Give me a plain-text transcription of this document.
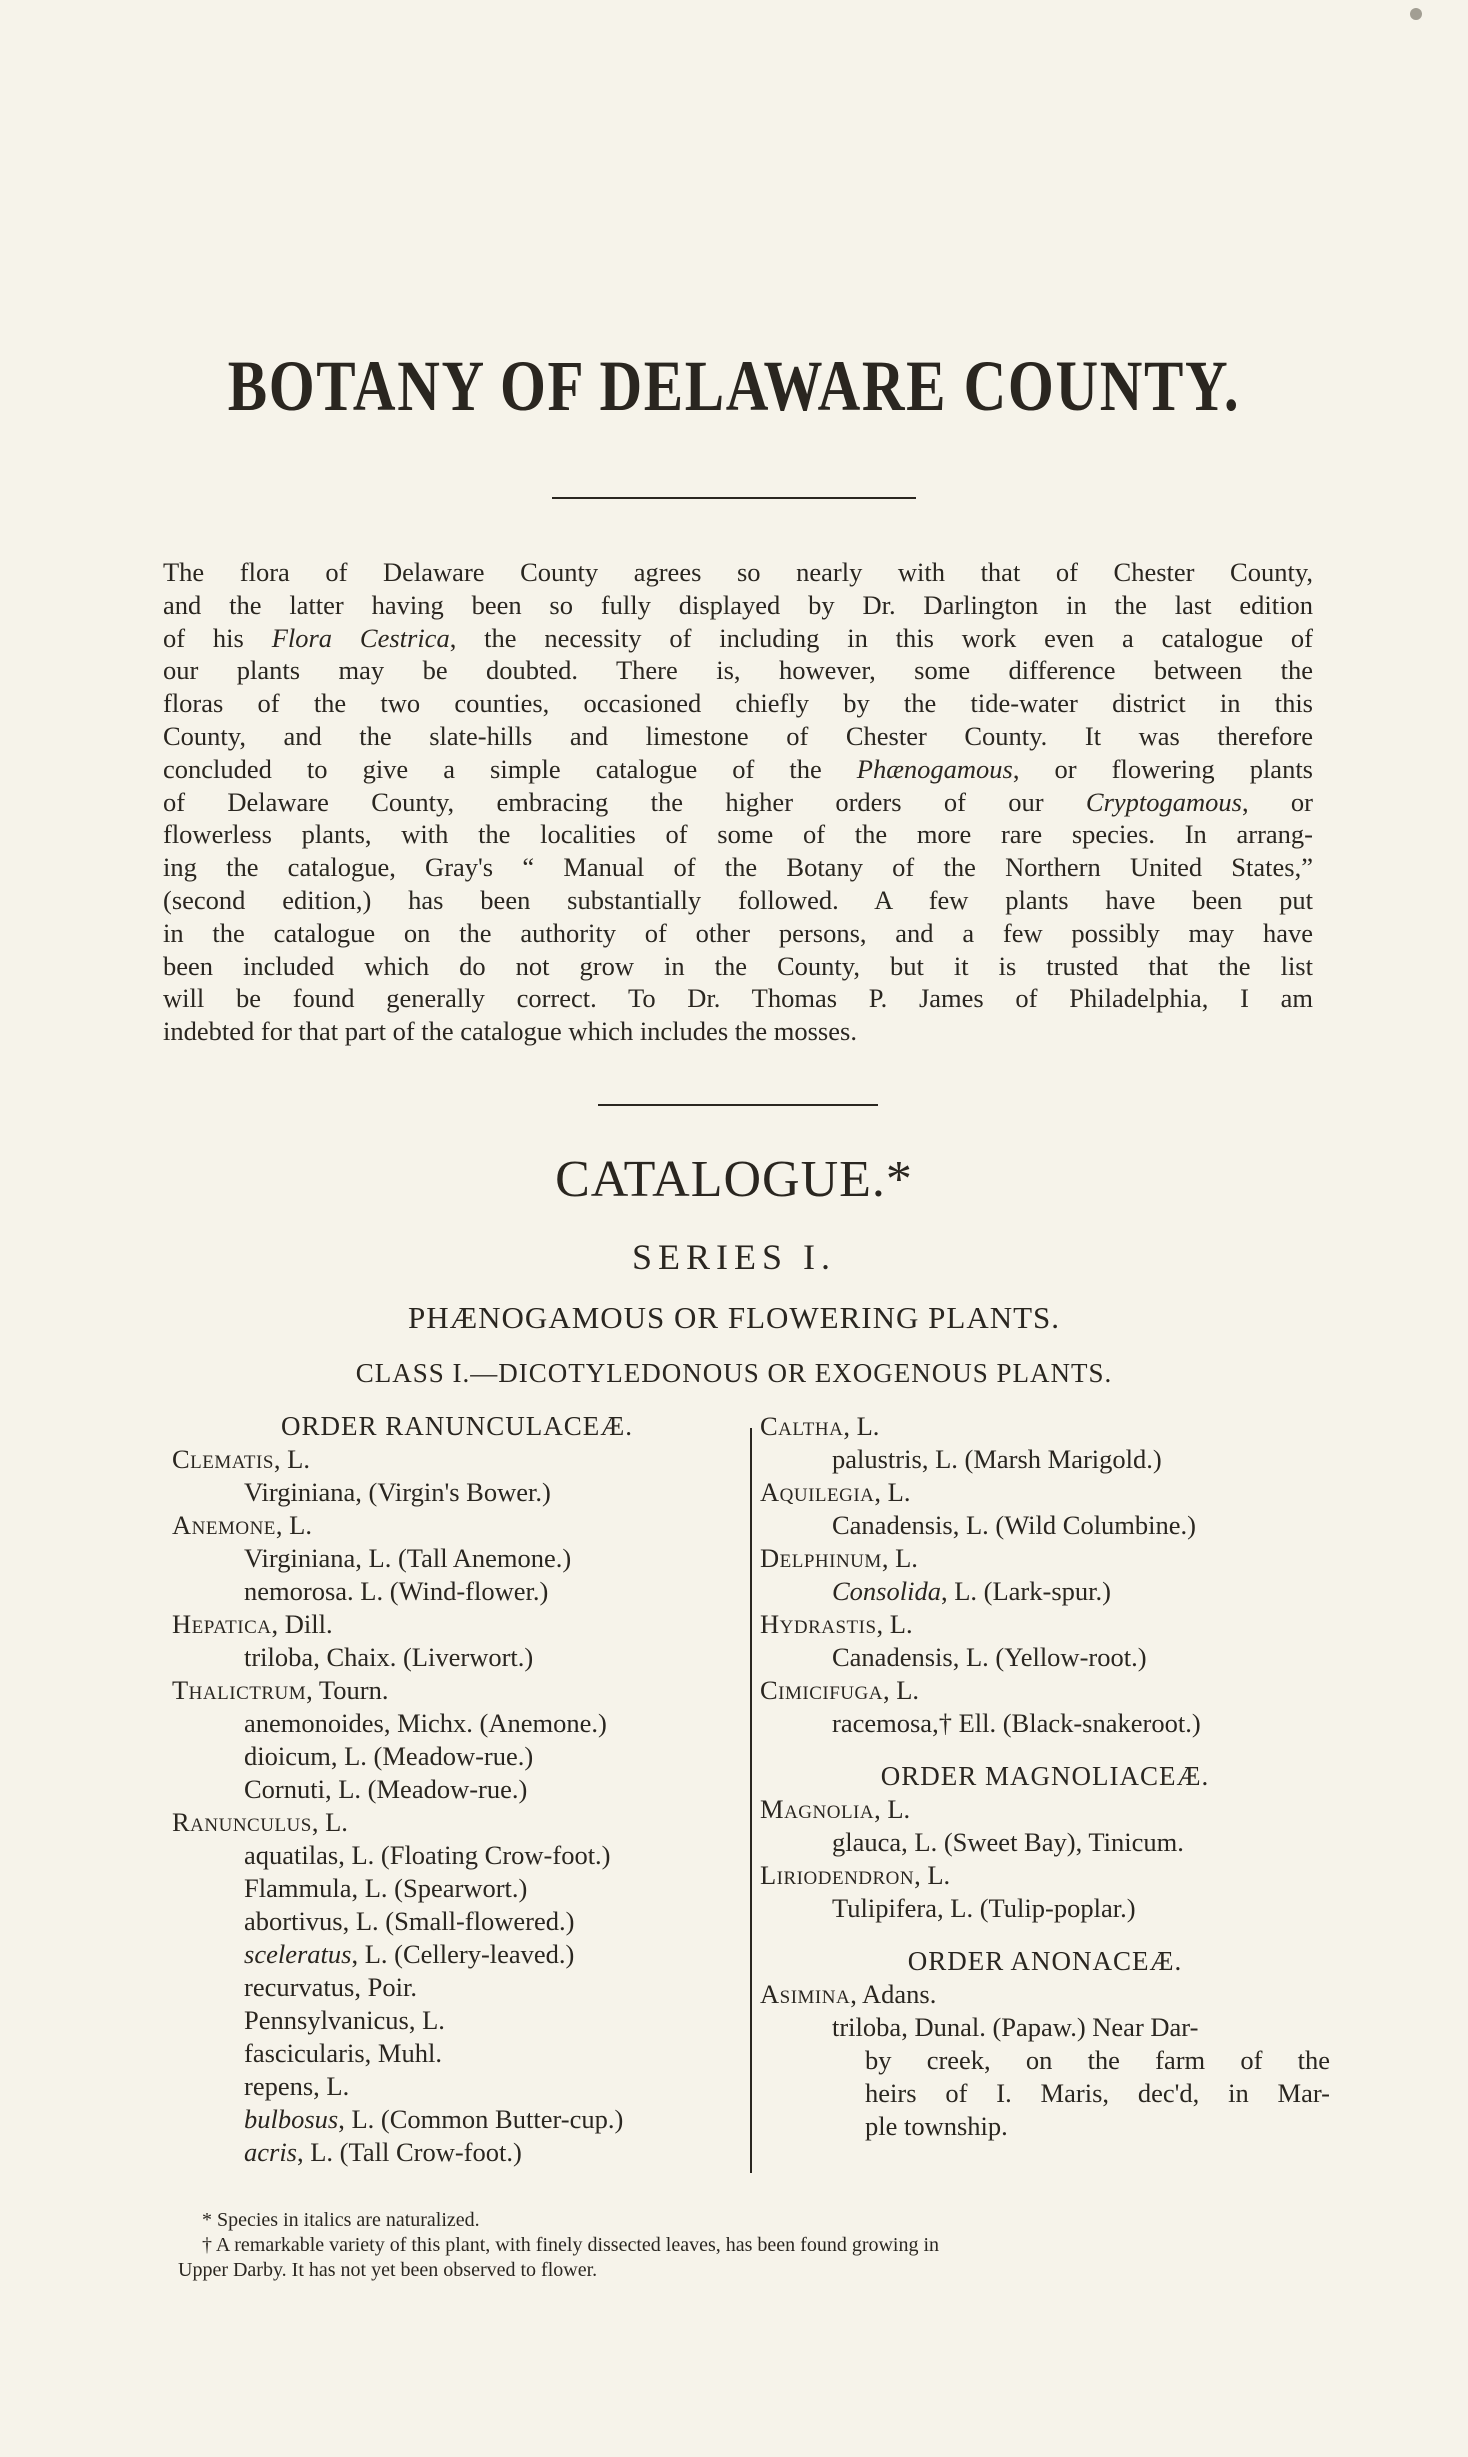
BOTANY OF DELAWARE COUNTY.
The flora of Delaware County agrees so nearly with that of Chester County,
and the latter having been so fully displayed by Dr. Darlington in the last edition
of his Flora Cestrica, the necessity of including in this work even a catalogue of
our plants may be doubted. There is, however, some difference between the
floras of the two counties, occasioned chiefly by the tide-water district in this
County, and the slate-hills and limestone of Chester County. It was therefore
concluded to give a simple catalogue of the Phænogamous, or flowering plants
of Delaware County, embracing the higher orders of our Cryptogamous, or
flowerless plants, with the localities of some of the more rare species. In arrang-
ing the catalogue, Gray's “ Manual of the Botany of the Northern United States,”
(second edition,) has been substantially followed. A few plants have been put
in the catalogue on the authority of other persons, and a few possibly may have
been included which do not grow in the County, but it is trusted that the list
will be found generally correct. To Dr. Thomas P. James of Philadelphia, I am
indebted for that part of the catalogue which includes the mosses.
CATALOGUE.*
SERIES I.
PHÆNOGAMOUS OR FLOWERING PLANTS.
CLASS I.—DICOTYLEDONOUS OR EXOGENOUS PLANTS.
ORDER RANUNCULACEÆ.
Clematis, L.
Virginiana, (Virgin's Bower.)
Anemone, L.
Virginiana, L. (Tall Anemone.)
nemorosa. L. (Wind-flower.)
Hepatica, Dill.
triloba, Chaix. (Liverwort.)
Thalictrum, Tourn.
anemonoides, Michx. (Anemone.)
dioicum, L. (Meadow-rue.)
Cornuti, L. (Meadow-rue.)
Ranunculus, L.
aquatilas, L. (Floating Crow-foot.)
Flammula, L. (Spearwort.)
abortivus, L. (Small-flowered.)
sceleratus, L. (Cellery-leaved.)
recurvatus, Poir.
Pennsylvanicus, L.
fascicularis, Muhl.
repens, L.
bulbosus, L. (Common Butter-cup.)
acris, L. (Tall Crow-foot.)
Caltha, L.
palustris, L. (Marsh Marigold.)
Aquilegia, L.
Canadensis, L. (Wild Columbine.)
Delphinum, L.
Consolida, L. (Lark-spur.)
Hydrastis, L.
Canadensis, L. (Yellow-root.)
Cimicifuga, L.
racemosa,† Ell. (Black-snakeroot.)
ORDER MAGNOLIACEÆ.
Magnolia, L.
glauca, L. (Sweet Bay), Tinicum.
Liriodendron, L.
Tulipifera, L. (Tulip-poplar.)
ORDER ANONACEÆ.
Asimina, Adans.
triloba, Dunal. (Papaw.) Near Dar-
by creek, on the farm of the
heirs of I. Maris, dec'd, in Mar-
ple township.
* Species in italics are naturalized.
† A remarkable variety of this plant, with finely dissected leaves, has been found growing in
Upper Darby. It has not yet been observed to flower.
